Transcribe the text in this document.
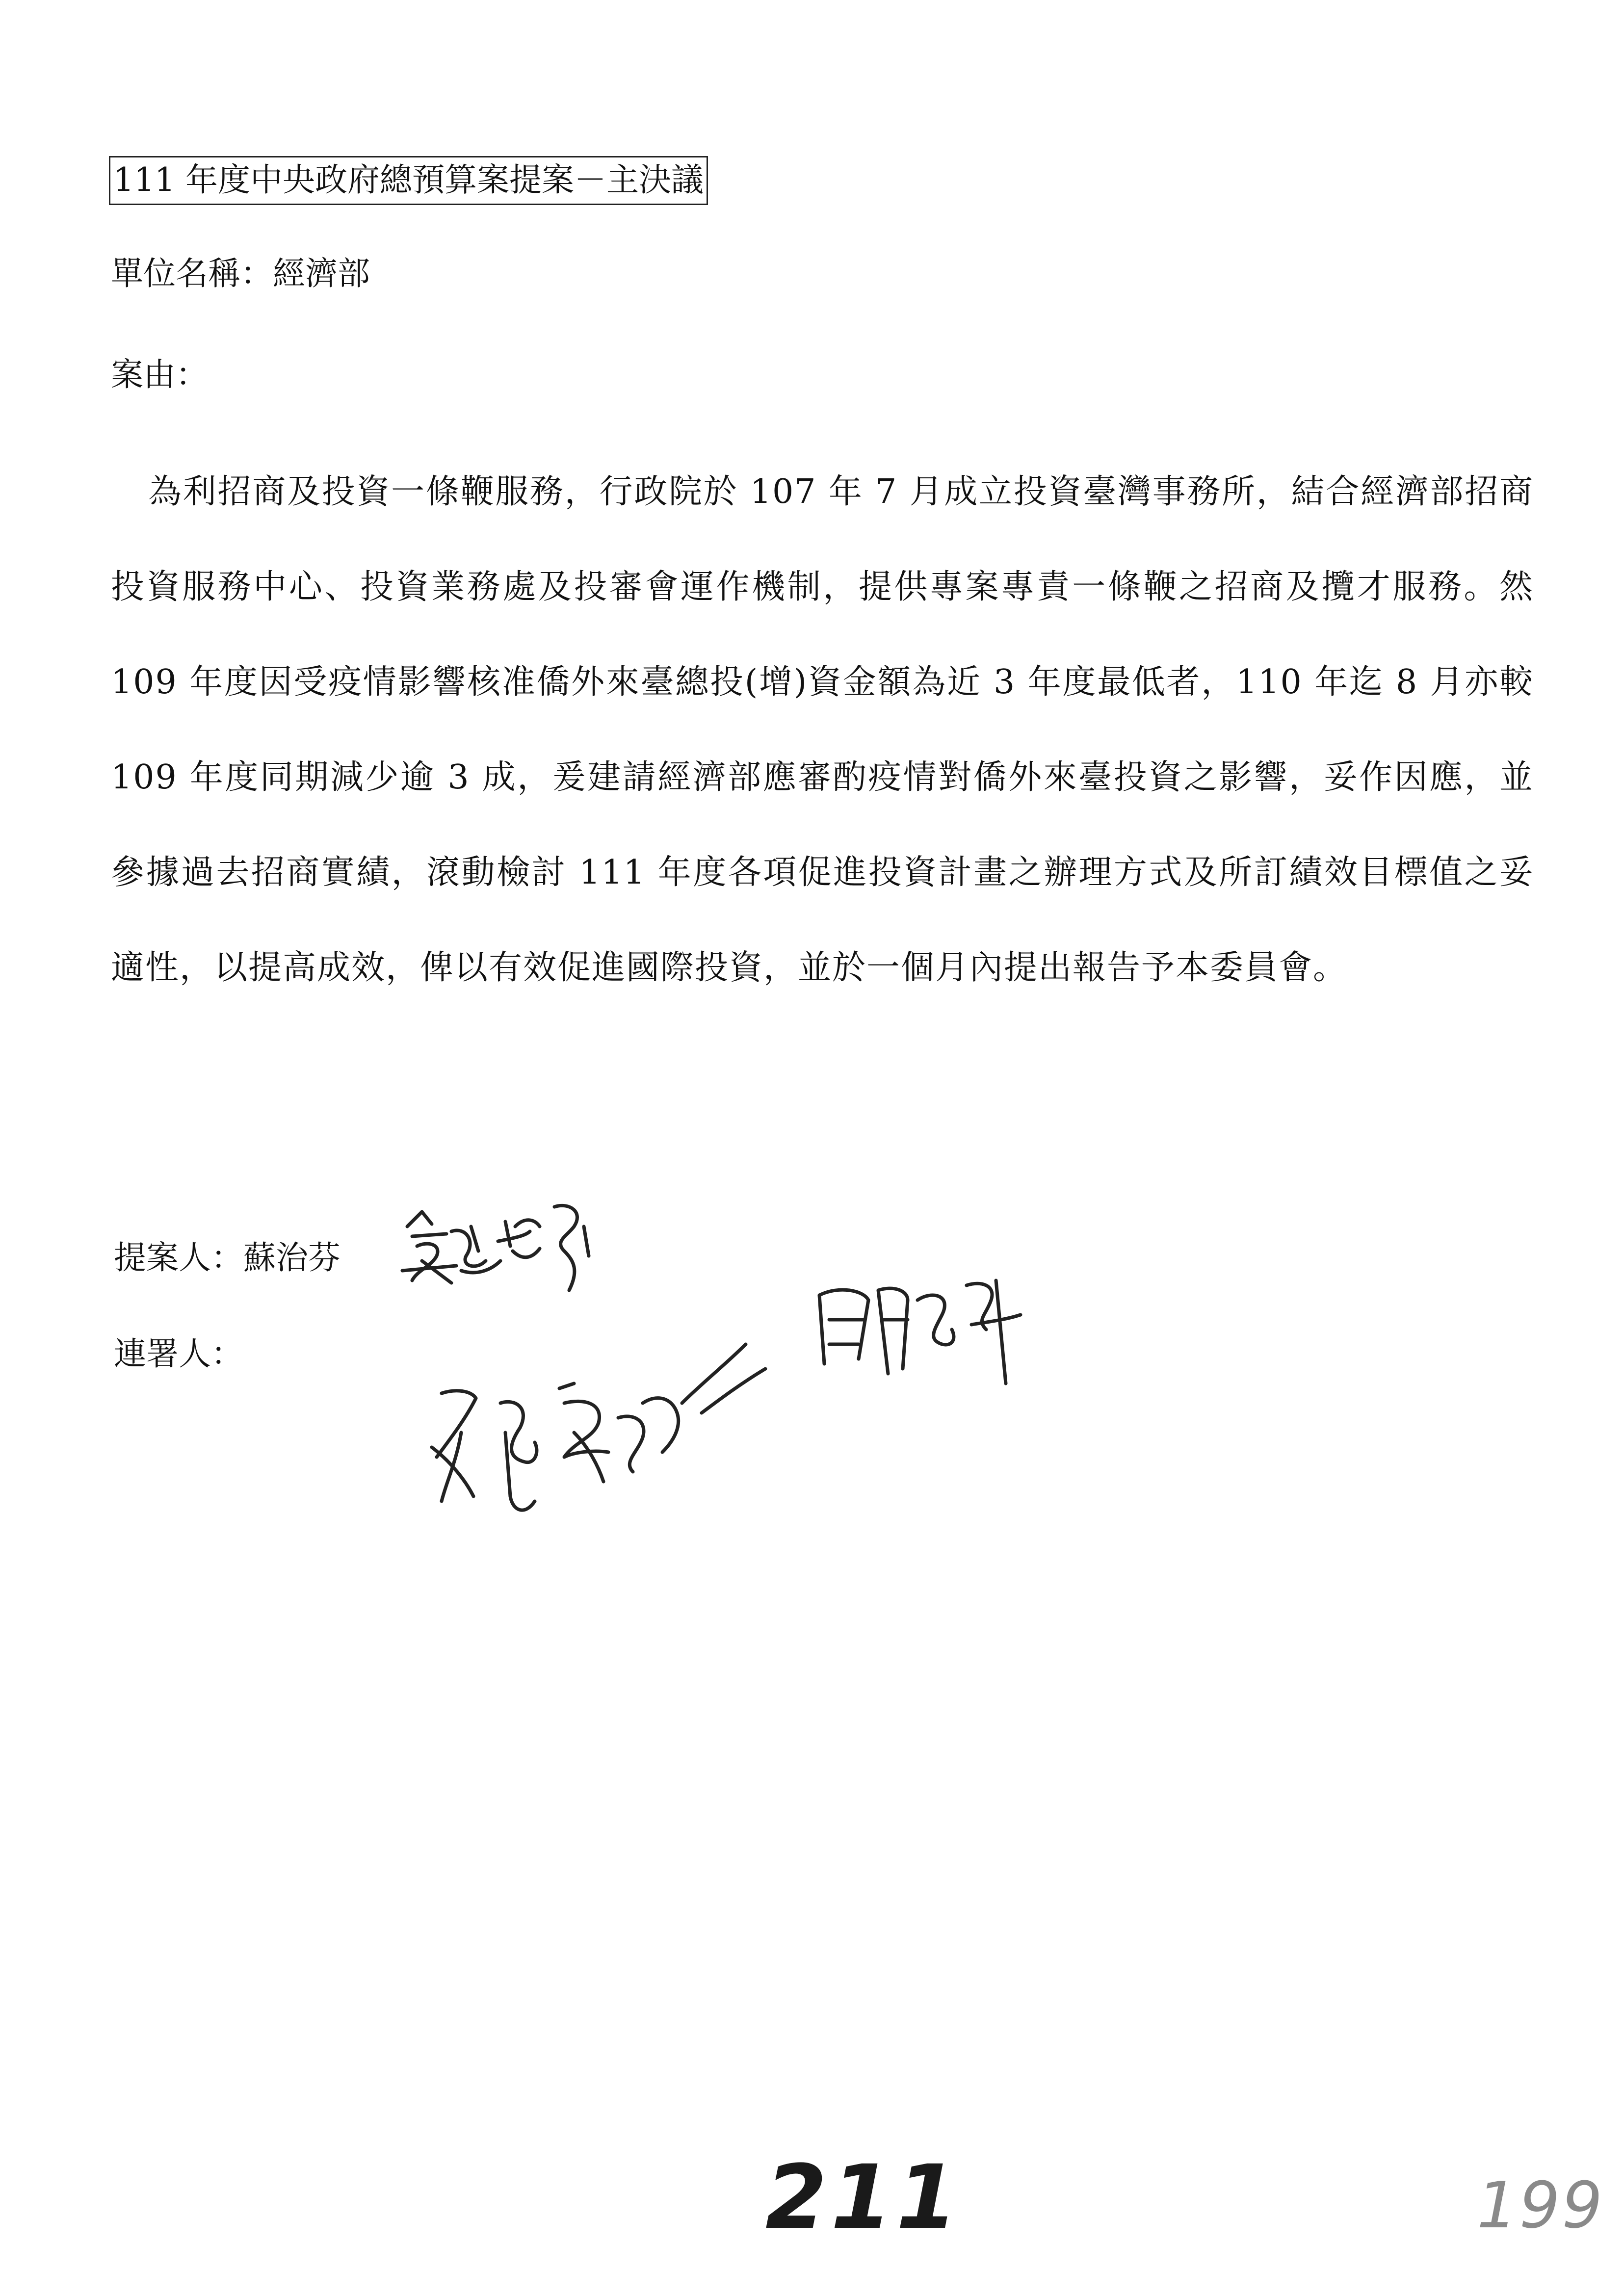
111 年度中央政府總預算案提案－主決議
單位名稱：經濟部
案由：
為利招商及投資一條鞭服務，行政院於 107 年 7 月成立投資臺灣事務所，結合經濟部招商投資服務中心、投資業務處及投審會運作機制，提供專案專責一條鞭之招商及攬才服務。然 109 年度因受疫情影響核准僑外來臺總投(增)資金額為近 3 年度最低者，110 年迄 8 月亦較 109 年度同期減少逾 3 成，爰建請經濟部應審酌疫情對僑外來臺投資之影響，妥作因應，並參據過去招商實績，滾動檢討 111 年度各項促進投資計畫之辦理方式及所訂績效目標值之妥適性，以提高成效，俾以有效促進國際投資，並於一個月內提出報告予本委員會。
提案人：蘇治芬
連署人：
211	199
